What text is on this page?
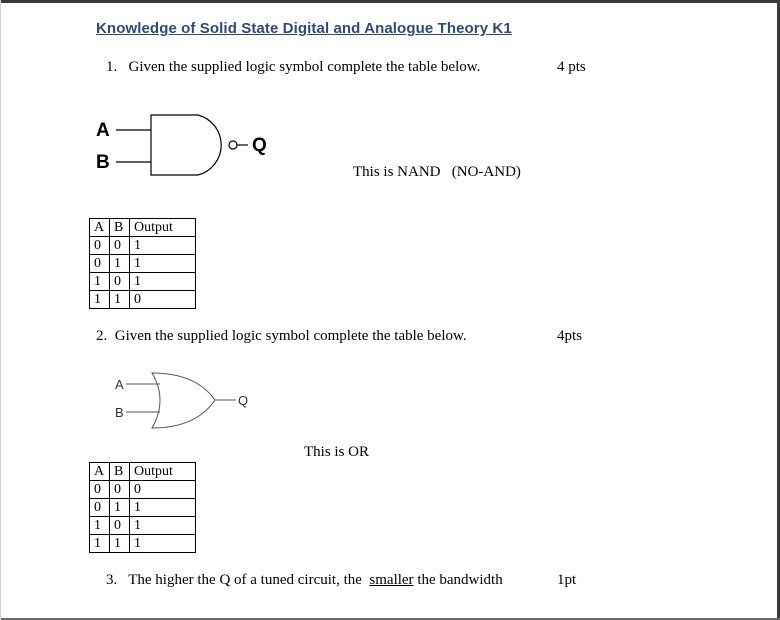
Knowledge of Solid State Digital and Analogue Theory K1
1. Given the supplied logic symbol complete the table below.	4 pts
A
B
Q
This is NAND   (NO-AND)
A	B	Output
0	0	1
0	1	1
1	0	1
1	1	0
2. Given the supplied logic symbol complete the table below.	4pts
A
B
Q
This is OR
A	B	Output
0	0	0
0	1	1
1	0	1
1	1	1
3. The higher the Q of a tuned circuit, the smaller the bandwidth	1pt
